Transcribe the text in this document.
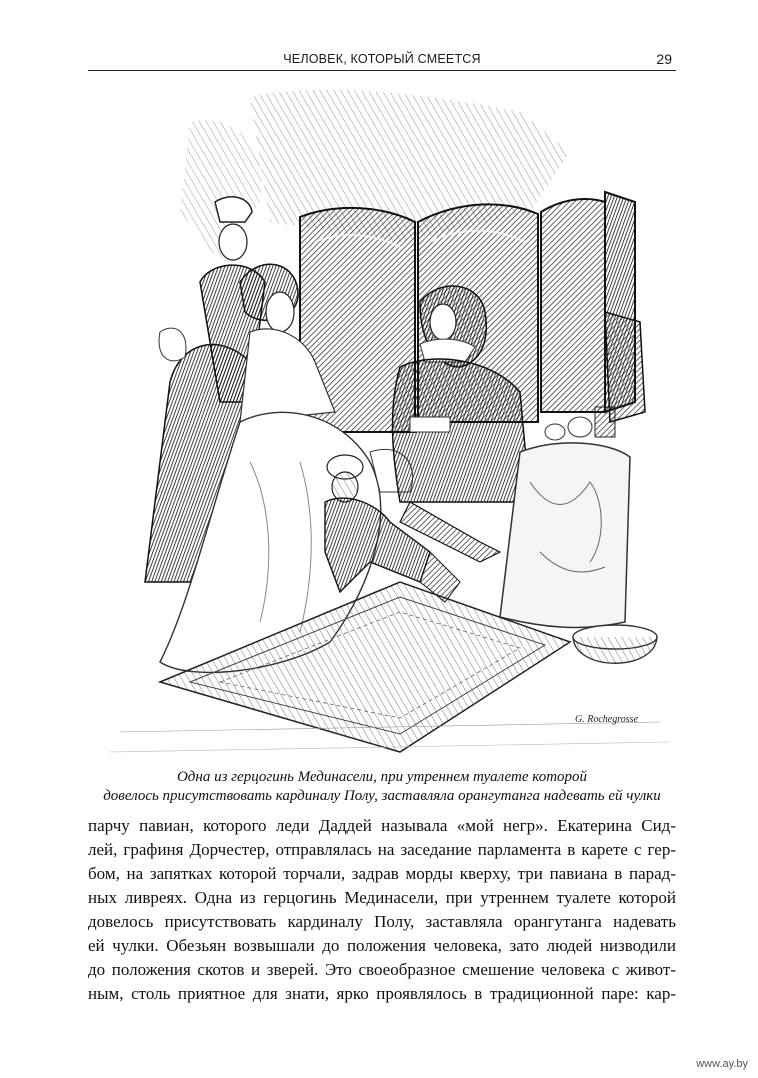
ЧЕЛОВЕК, КОТОРЫЙ СМЕЕТСЯ	29
G. Rochegrosse
Одна из герцогинь Мединасели, при утреннем туалете которой
довелось присутствовать кардиналу Полу, заставляла орангутанга надевать ей чулки
парчу павиан, которого леди Даддей называла «мой негр». Екатерина Сид-
лей, графиня Дорчестер, отправлялась на заседание парламента в карете с гер-
бом, на запятках которой торчали, задрав морды кверху, три павиана в парад-
ных ливреях. Одна из герцогинь Мединасели, при утреннем туалете которой
довелось присутствовать кардиналу Полу, заставляла орангутанга надевать
ей чулки. Обезьян возвышали до положения человека, зато людей низводили
до положения скотов и зверей. Это своеобразное смешение человека с живот-
ным, столь приятное для знати, ярко проявлялось в традиционной паре: кар-
www.ay.by
